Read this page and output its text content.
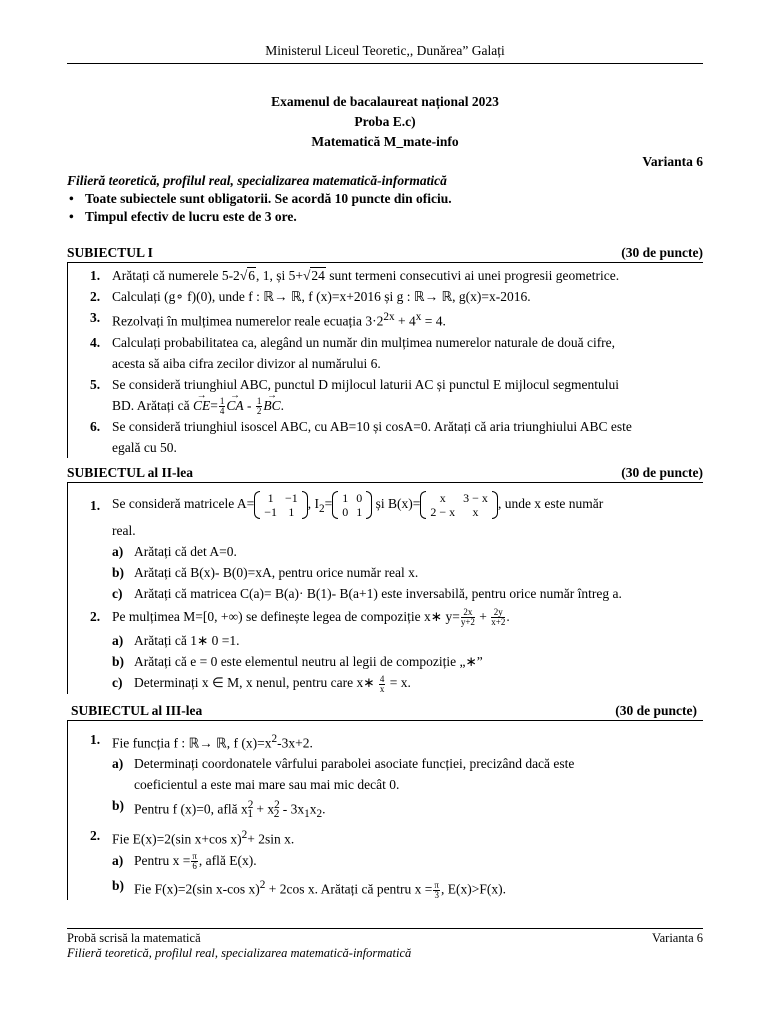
Ministerul Liceul Teoretic,, Dunărea” Galați
Examenul de bacalaureat național 2023
Proba E.c)
Matematică M_mate-info
Varianta 6
Filieră teoretică, profilul real, specializarea matematică-informatică
• Toate subiectele sunt obligatorii. Se acordă 10 puncte din oficiu.
• Timpul efectiv de lucru este de 3 ore.
SUBIECTUL I	(30 de puncte)
1. Arătați că numerele 5-2√6, 1, și 5+√24 sunt termeni consecutivi ai unei progresii geometrice.
2. Calculați (g∘ f)(0), unde f : ℝ→ ℝ, f (x)=x+2016 și g : ℝ→ ℝ, g(x)=x-2016.
3. Rezolvați în mulțimea numerelor reale ecuația $3\cdot 2^{2x} + 4^x = 4$.
4. Calculați probabilitatea ca, alegând un număr din mulțimea numerelor naturale de două cifre,
acesta să aiba cifra zecilor divizor al numărului 6.
5. Se consideră triunghiul ABC, punctul D mijlocul laturii AC și punctul E mijlocul segmentului
BD. Arătați că → $CE= \frac{1}{4}$ → CA - $\frac{1}{2}$ → BC.
6. Se consideră triunghiul isoscel ABC, cu AB=10 și cosA=0. Arătați că aria triunghiului ABC este
egală cu 50.
SUBIECTUL al II-lea	(30 de puncte)
1. Se consideră matricele A= 1	−1
−1	1
, $I_2= 1$	0
0	1
și B(x)= x	3 − x
2 − x	x
, unde x este număr
real.
a) Arătați că det A=0.
b) Arătați că B(x)- B(0)=xA, pentru orice număr real x.
c) Arătați că matricea C(a)= B(a)· B(1)- B(a+1) este inversabilă, pentru orice număr întreg a.
2. Pe mulțimea M=[0, +∞) se definește legea de compoziție x∗ $y= \frac{2x}{y+2} + \frac{2y}{x+2}$ .
a) Arătați că 1∗ 0 =1.
b) Arătați că e = 0 este elementul neutru al legii de compoziție „∗”
c) Determinați x ∈ M, x nenul, pentru care x∗ $\frac{4}{x} = x$.
SUBIECTUL al III-lea	(30 de puncte)
1. Fie funcția f : ℝ→ ℝ, f $(x)=x^2-3x+2$.
a) Determinați coordonatele vârfului parabolei asociate funcției, precizând dacă este
coeficientul a este mai mare sau mai mic decât 0.
b) Pentru f (x)=0, află $x^2_1 + x^2_2 - 3x_1x_2$.
2. Fie E(x)=2(sin x+cos x)$^2$+ 2sin x.
a) Pentru $x = \frac{\pi}{6}$ , află E(x).
b) Fie F(x)=2(sin x-cos x)$^2$ + 2cos x. Arătați că pentru $x = \frac{\pi}{3}$ , E(x)>F(x).
Probă scrisă la matematică	Varianta 6
Filieră teoretică, profilul real, specializarea matematică-informatică
